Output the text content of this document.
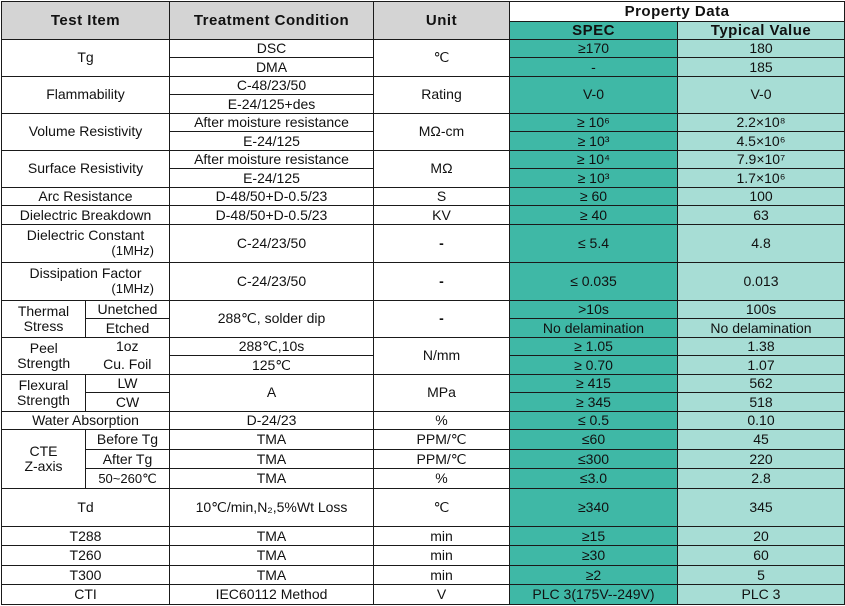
Test Item		Treatment Condition	Unit	Property Data	
				SPEC	Typical Value
Tg		DSC	℃	≥170	180
		DMA		-	185
Flammability		C-48/23/50	Rating	V-0	V-0
		E-24/125+des			
Volume Resistivity		After moisture resistance	MΩ-cm	≥ 10⁶	2.2×10⁸
		E-24/125		≥ 10³	4.5×10⁶
Surface Resistivity		After moisture resistance	MΩ	≥ 10⁴	7.9×10⁷
		E-24/125		≥ 10³	1.7×10⁶
Arc Resistance		D-48/50+D-0.5/23	S	≥ 60	100
Dielectric Breakdown		D-48/50+D-0.5/23	KV	≥ 40	63
Dielectric Constant
(1MHz)		C-24/23/50	-	≤ 5.4	4.8
Dissipation Factor
(1MHz)		C-24/23/50	-	≤ 0.035	0.013
Thermal
Stress	Unetched	288℃, solder dip	-	>10s	100s
	Etched			No delamination	No delamination
Peel
Strength	1oz	288℃,10s	N/mm	≥ 1.05	1.38
	Cu. Foil	125℃		≥ 0.70	1.07
Flexural
Strength	LW	A	MPa	≥ 415	562
	CW			≥ 345	518
Water Absorption		D-24/23	%	≤ 0.5	0.10
CTE
Z-axis	Before Tg	TMA	PPM/℃	≤60	45
	After Tg	TMA	PPM/℃	≤300	220
	50~260℃	TMA	%	≤3.0	2.8
Td		10℃/min,N₂,5%Wt Loss	℃	≥340	345
T288		TMA	min	≥15	20
T260		TMA	min	≥30	60
T300		TMA	min	≥2	5
CTI		IEC60112 Method	V	PLC 3(175V--249V)	PLC 3
